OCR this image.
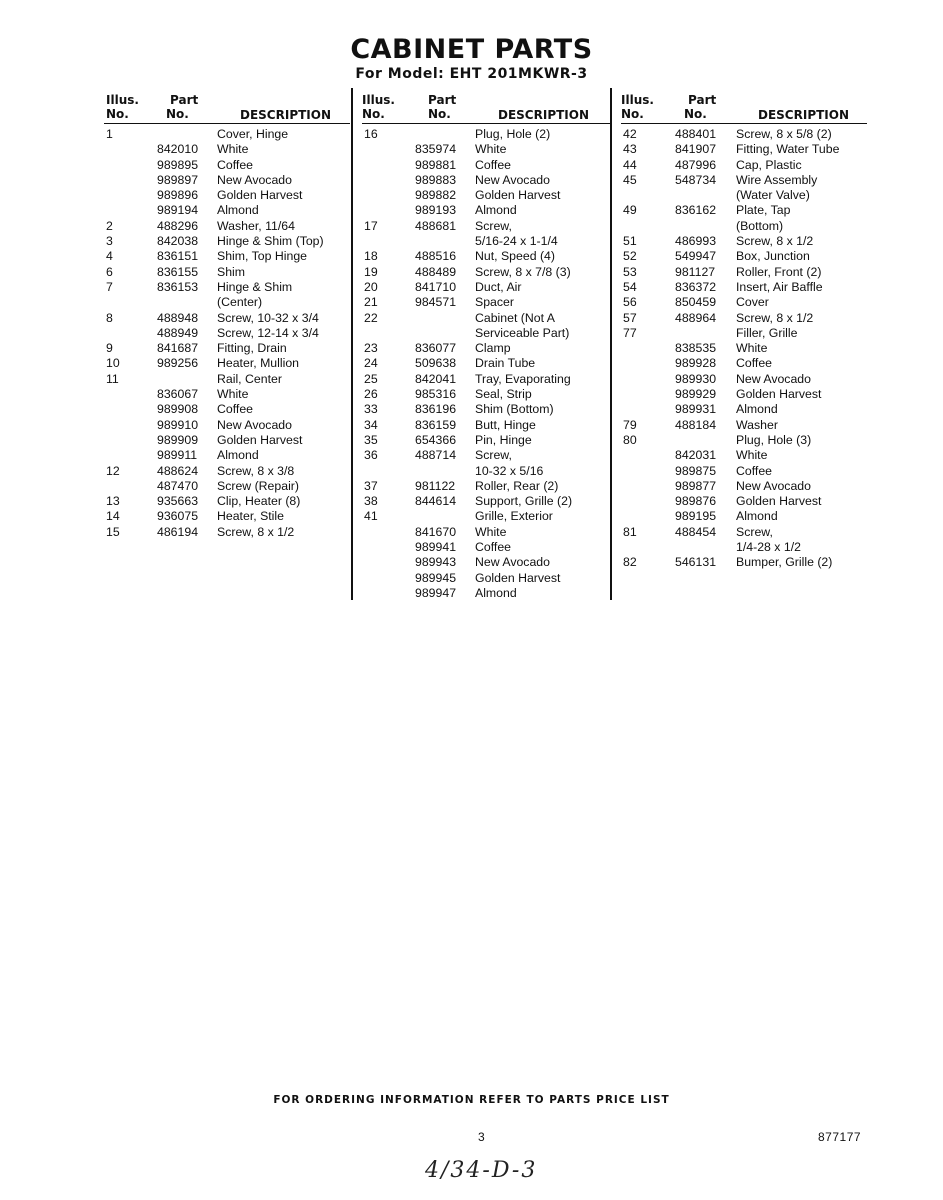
CABINET PARTS
For Model: EHT 201MKWR-3
Illus.
No.
Part
No.	DESCRIPTION
1	Cover, Hinge
842010 White
989895 Coffee
989897 New Avocado
989896 Golden Harvest
989194 Almond
2	488296 Washer, 11/64
3	842038 Hinge & Shim (Top)
4	836151 Shim, Top Hinge
6	836155 Shim
7	836153 Hinge & Shim
(Center)
8	488948 Screw, 10-32 x 3/4
488949 Screw, 12-14 x 3/4
9	841687 Fitting, Drain
10	989256 Heater, Mullion
11	Rail, Center
836067 White
989908 Coffee
989910 New Avocado
989909 Golden Harvest
989911 Almond
12	488624 Screw, 8 x 3/8
487470 Screw (Repair)
13	935663 Clip, Heater (8)
14	936075 Heater, Stile
15	486194 Screw, 8 x 1/2
Illus.
No.
Part
No.	DESCRIPTION
16	Plug, Hole (2)
835974 White
989881 Coffee
989883 New Avocado
989882 Golden Harvest
989193 Almond
17	488681 Screw,
5/16-24 x 1-1/4
18	488516 Nut, Speed (4)
19	488489 Screw, 8 x 7/8 (3)
20	841710 Duct, Air
21	984571 Spacer
22	Cabinet (Not A
Serviceable Part)
23	836077 Clamp
24	509638 Drain Tube
25	842041 Tray, Evaporating
26	985316 Seal, Strip
33	836196 Shim (Bottom)
34	836159 Butt, Hinge
35	654366 Pin, Hinge
36	488714 Screw,
10-32 x 5/16
37	981122 Roller, Rear (2)
38	844614 Support, Grille (2)
41	Grille, Exterior
841670 White
989941 Coffee
989943 New Avocado
989945 Golden Harvest
989947 Almond
Illus.
No.
Part
No.	DESCRIPTION
42	488401 Screw, 8 x 5/8 (2)
43	841907 Fitting, Water Tube
44	487996 Cap, Plastic
45	548734 Wire Assembly
(Water Valve)
49	836162 Plate, Tap
(Bottom)
51	486993 Screw, 8 x 1/2
52	549947 Box, Junction
53	981127 Roller, Front (2)
54	836372 Insert, Air Baffle
56	850459 Cover
57	488964 Screw, 8 x 1/2
77	Filler, Grille
838535 White
989928 Coffee
989930 New Avocado
989929 Golden Harvest
989931 Almond
79	488184 Washer
80	Plug, Hole (3)
842031 White
989875 Coffee
989877 New Avocado
989876 Golden Harvest
989195 Almond
81	488454 Screw,
1/4-28 x 1/2
82	546131 Bumper, Grille (2)
FOR ORDERING INFORMATION REFER TO PARTS PRICE LIST
3	877177
4/34-D-3
